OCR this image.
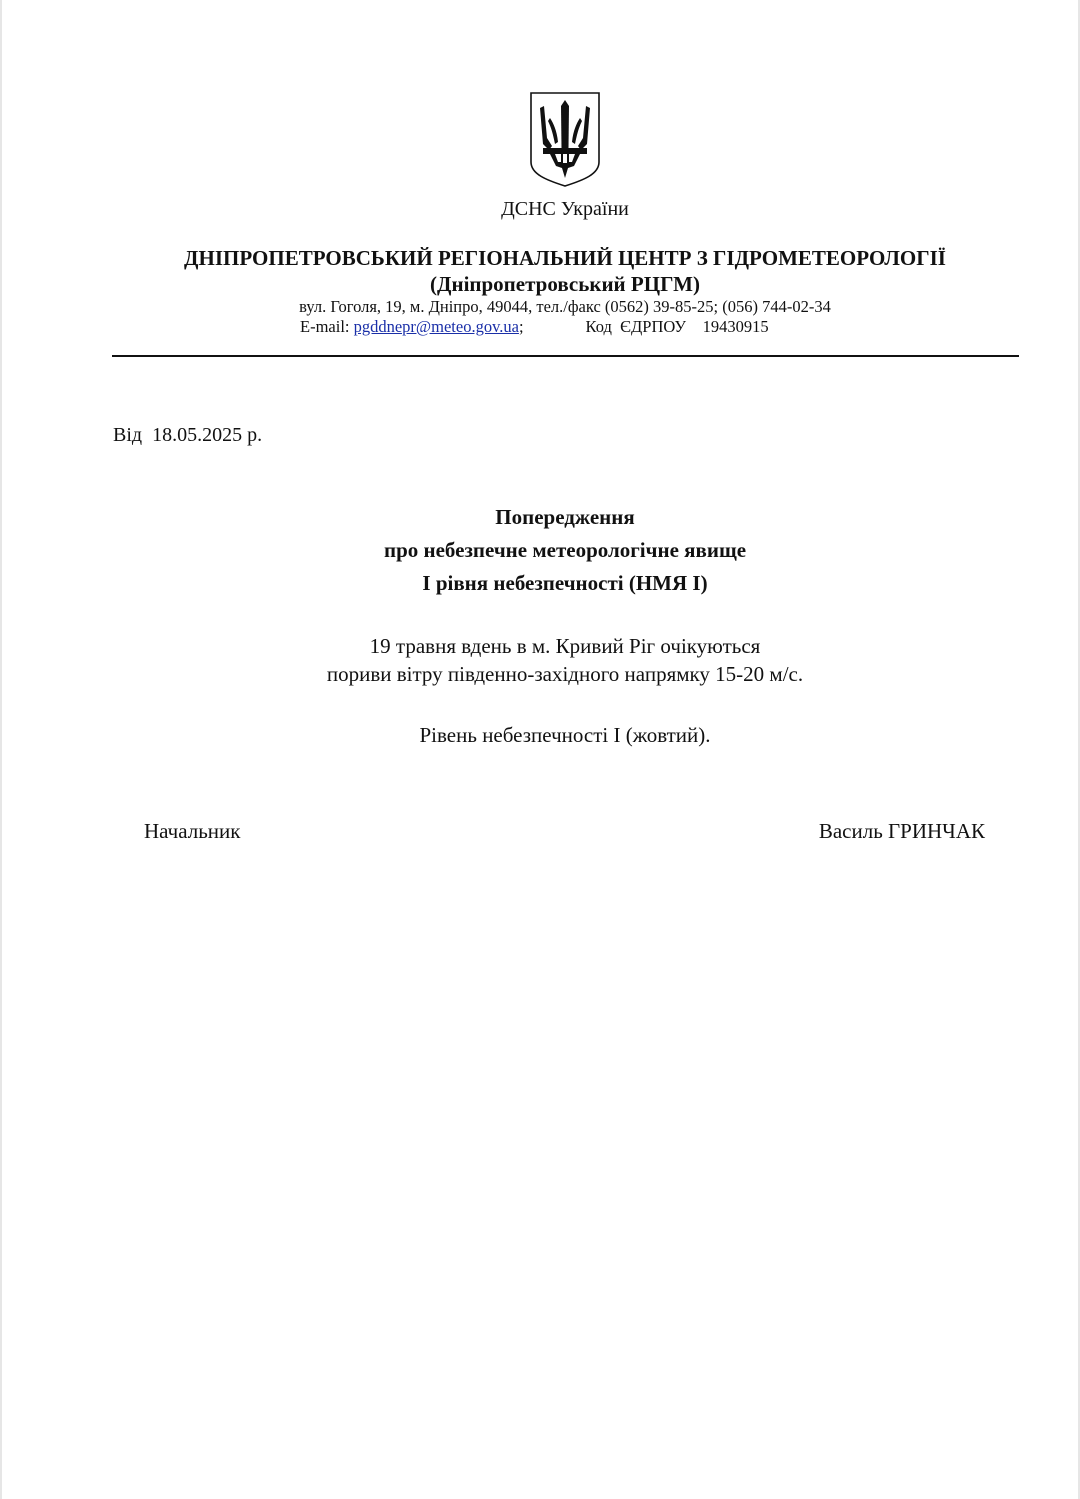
ДСНС України
ДНІПРОПЕТРОВСЬКИЙ РЕГІОНАЛЬНИЙ ЦЕНТР З ГІДРОМЕТЕОРОЛОГІЇ
(Дніпропетровський РЦГМ)
вул. Гоголя, 19, м. Дніпро, 49044, тел./факс (0562) 39-85-25; (056) 744-02-34
E-mail: pgddnepr@meteo.gov.ua;	Код  ЄДРПОУ 19430915
Від  18.05.2025 р.
Попередження
про небезпечне метеорологічне явище
І рівня небезпечності (НМЯ І)
19 травня вдень в м. Кривий Ріг очікуються
пориви вітру південно-західного напрямку 15-20 м/с.
Рівень небезпечності І (жовтий).
Начальник	Василь ГРИНЧАК
